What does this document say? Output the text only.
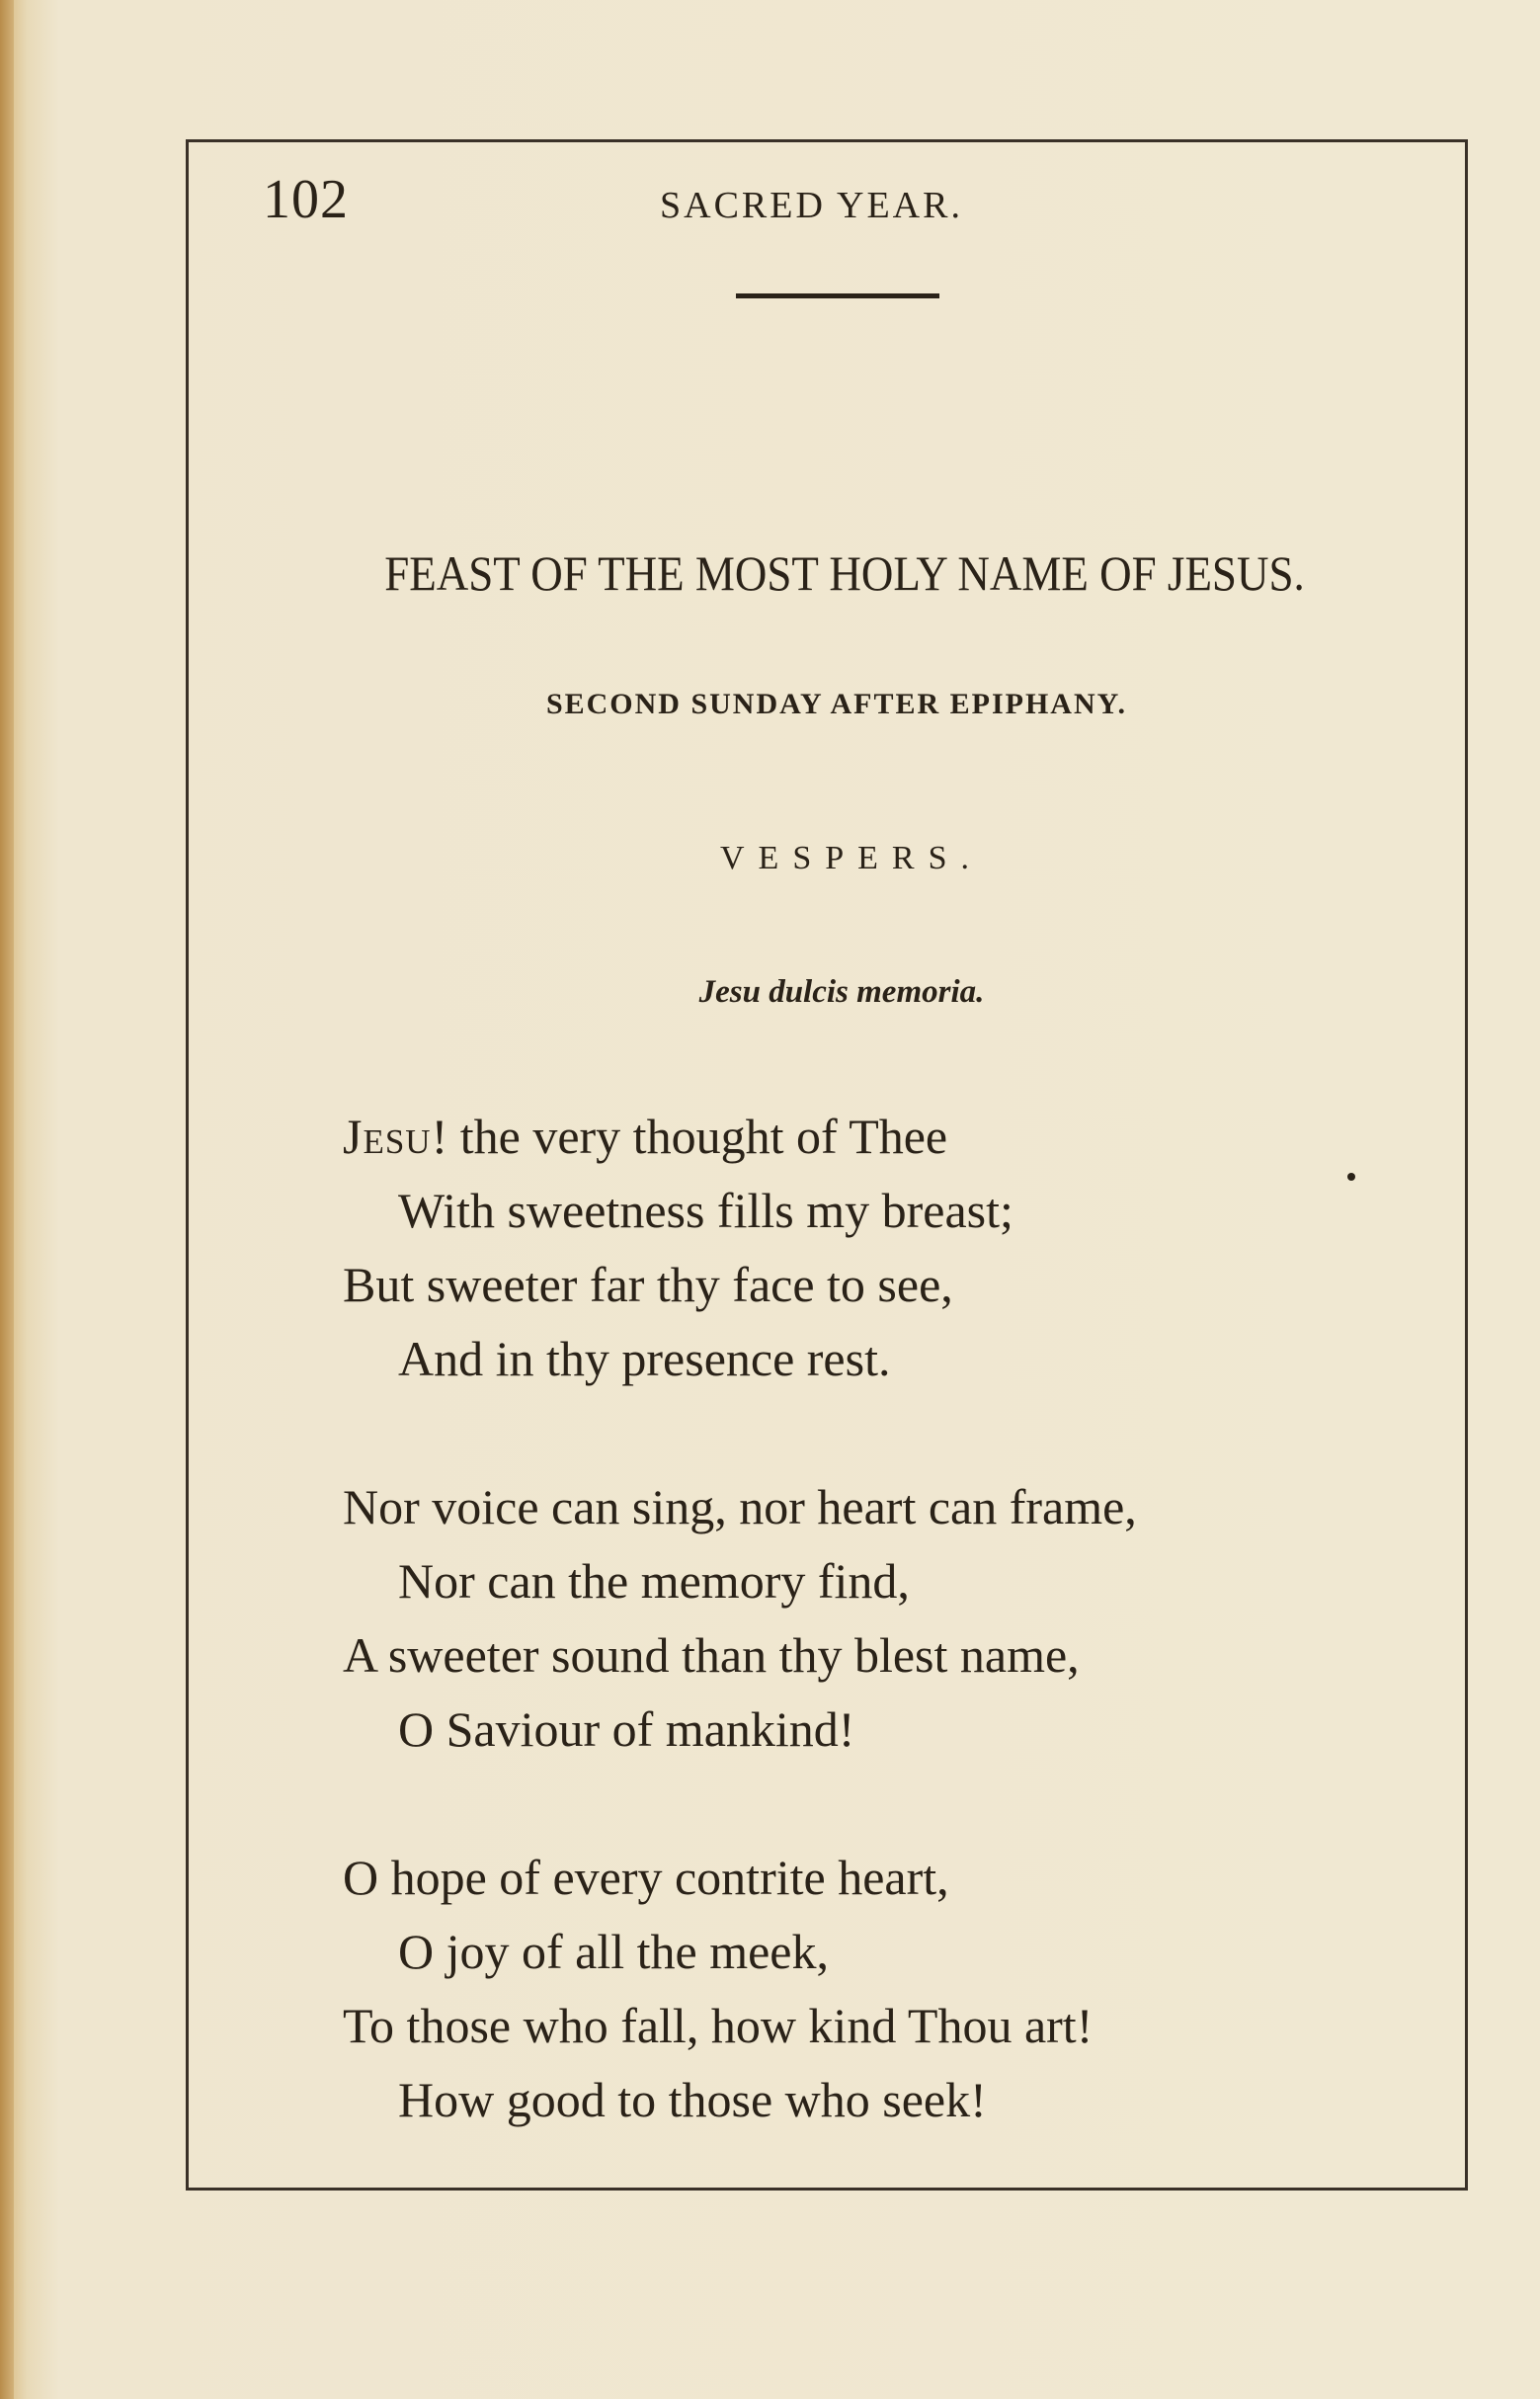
102	SACRED YEAR.
FEAST OF THE MOST HOLY NAME OF JESUS.
SECOND SUNDAY AFTER EPIPHANY.
VESPERS.
Jesu dulcis memoria.
Jesu! the very thought of Thee
With sweetness fills my breast;
But sweeter far thy face to see,
And in thy presence rest.
Nor voice can sing, nor heart can frame,
Nor can the memory find,
A sweeter sound than thy blest name,
O Saviour of mankind!
O hope of every contrite heart,
O joy of all the meek,
To those who fall, how kind Thou art!
How good to those who seek!
